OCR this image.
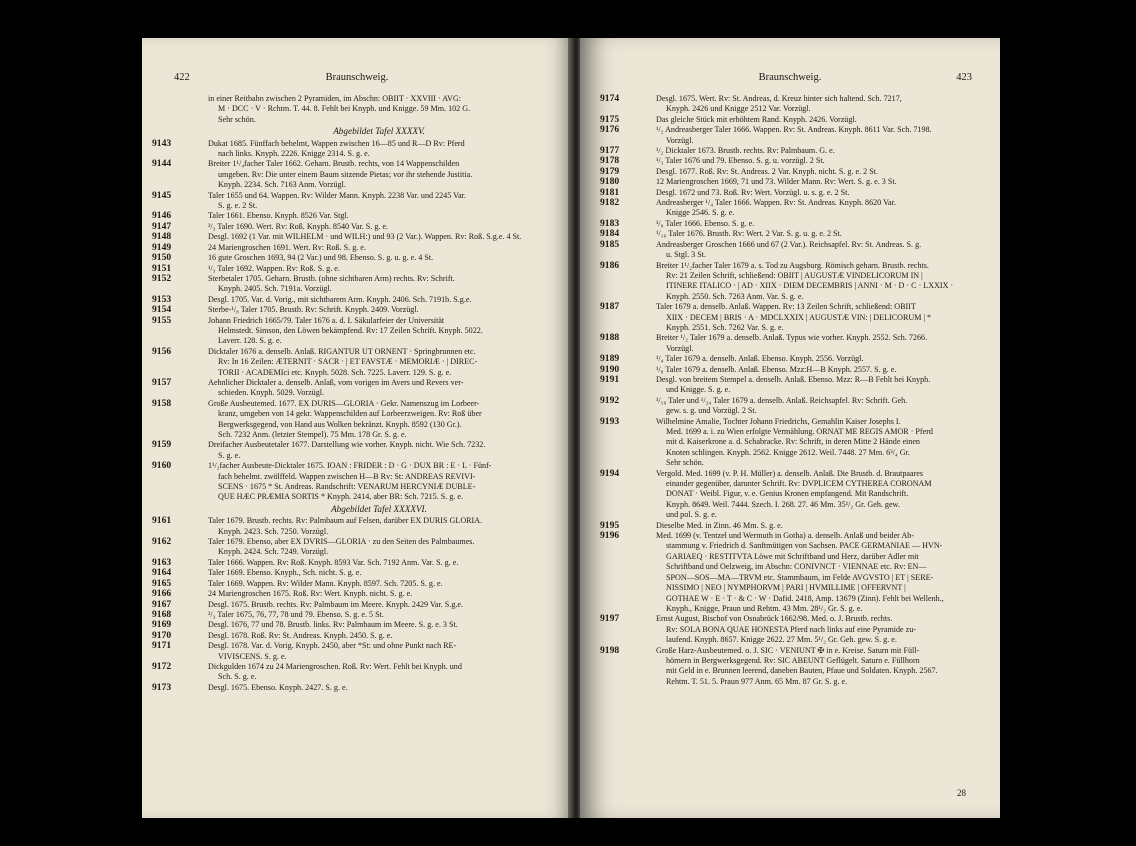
422	Braunschweig.
in einer Reitbahn zwischen 2 Pyramiden, im Abschn: OBIIT · XXVIII · AVG:
M · DCC · V · Rchtm. T. 44. 8. Fehlt bei Knyph. und Knigge. 59 Mm. 102 G.
Sehr schön.
Abgebildet Tafel XXXXV.
9143	Dukat 1685. Fünffach behelmt, Wappen zwischen 16—85 und R—D Rv: Pferd
nach links. Knyph. 2226. Knigge 2314. S. g. e.
9144	Breiter 1¹/₄facher Taler 1662. Geharn. Brustb. rechts, von 14 Wappenschilden
umgeben. Rv: Die unter einem Baum sitzende Pietas; vor ihr stehende Justitia.
Knyph. 2234. Sch. 7163 Anm. Vorzügl.
9145	Taler 1655 und 64. Wappen. Rv: Wilder Mann. Knyph. 2238 Var. und 2245 Var.
S. g. e. 2 St.
9146	Taler 1661. Ebenso. Knyph. 8526 Var. Stgl.
9147	²/₃ Taler 1690. Wert. Rv: Roß. Knyph. 8540 Var. S. g. e.
9148	Desgl. 1692 (1 Var. mit WILHELM · und WILH:) und 93 (2 Var.). Wappen. Rv: Roß. S.g.e. 4 St.
9149	24 Mariengroschen 1691. Wert. Rv: Roß. S. g. e.
9150	16 gute Groschen 1693, 94 (2 Var.) und 98. Ebenso. S. g. u. g. e. 4 St.
9151	¹/₃ Taler 1692. Wappen. Rv: Roß. S. g. e.
9152	Sterbetaler 1705. Geharn. Brustb. (ohne sichtbaren Arm) rechts. Rv: Schrift.
Knyph. 2405. Sch. 7191a. Vorzügl.
9153	Desgl. 1705. Var. d. Vorig., mit sichtbarem Arm. Knyph. 2406. Sch. 7191b. S.g.e.
9154	Sterbe-¹/₈ Taler 1705. Brustb. Rv: Schrift. Knyph. 2409. Vorzügl.
9155	Johann Friedrich 1665/79. Taler 1676 a. d. I. Säkularfeier der Universität
Helmstedt. Simson, den Löwen bekämpfend. Rv: 17 Zeilen Schrift. Knyph. 5022.
Laverr. 128. S. g. e.
9156	Dicktaler 1676 a. denselb. Anlaß. RIGANTUR UT ORNENT · Springbrunnen etc.
Rv: In 16 Zeilen: ÆTERNIT · SACR · | ET FAVSTÆ · MEMORIÆ · | DIREC-
TORII · ACADEMIci etc. Knyph. 5028. Sch. 7225. Laverr. 129. S. g. e.
9157	Aehnlicher Dicktaler a. denselb. Anlaß, vom vorigen im Avers und Revers ver-
schieden. Knyph. 5029. Vorzügl.
9158	Große Ausbeutemed. 1677. EX DURIS—GLORIA · Gekr. Namenszug im Lorbeer-
kranz, umgeben von 14 gekr. Wappenschilden auf Lorbeerzweigen. Rv: Roß über
Bergwerksgegend, von Hand aus Wolken bekränzt. Knyph. 8592 (130 Gr.).
Sch. 7232 Anm. (letzter Stempel). 75 Mm. 178 Gr. S. g. e.
9159	Dreifacher Ausbeutetaler 1677. Darstellung wie vorher. Knyph. nicht. Wie Sch. 7232.
S. g. e.
9160	1¹/₂facher Ausbeute-Dicktaler 1675. IOAN : FRIDER : D · G · DUX BR : E · L · Fünf-
fach behelmt. zwölffeld. Wappen zwischen H—B Rv: St: ANDREAS REVIVI-
SCENS · 1675 * St. Andreas. Randschrift: VENARUM HERCYNIÆ DUBLE-
QUE HÆC PRÆMIA SORTIS * Knyph. 2414, aber BR: Sch. 7215. S. g. e.
Abgebildet Tafel XXXXVI.
9161	Taler 1679. Brustb. rechts. Rv: Palmbaum auf Felsen, darüber EX DURIS GLORIA.
Knyph. 2423. Sch. 7250. Vorzügl.
9162	Taler 1679. Ebenso, aber EX DVRIS—GLORIA · zu den Seiten des Palmbaumes.
Knyph. 2424. Sch. 7249. Vorzügl.
9163	Taler 1666. Wappen. Rv: Roß. Knyph. 8593 Var. Sch. 7192 Anm. Var. S. g. e.
9164	Taler 1669. Ebenso. Knyph., Sch. nicht. S. g. e.
9165	Taler 1669. Wappen. Rv: Wilder Mann. Knyph. 8597. Sch. 7205. S. g. e.
9166	24 Mariengroschen 1675. Roß. Rv: Wert. Knyph. nicht. S. g. e.
9167	Desgl. 1675. Brustb. rechts. Rv: Palmbaum im Meere. Knyph. 2429 Var. S.g.e.
9168	²/₃ Taler 1675, 76, 77, 78 und 79. Ebenso. S. g. e. 5 St.
9169	Desgl. 1676, 77 und 78. Brustb. links. Rv: Palmbaum im Meere. S. g. e. 3 St.
9170	Desgl. 1678. Roß. Rv: St. Andreas. Knyph. 2450. S. g. e.
9171	Desgl. 1678. Var. d. Vorig. Knyph. 2450, aber *St: und ohne Punkt nach RE-
VIVISCENS. S. g. e.
9172	Dickgulden 1674 zu 24 Mariengroschen. Roß. Rv: Wert. Fehlt bei Knyph. und
Sch. S. g. e.
9173	Desgl. 1675. Ebenso. Knyph. 2427. S. g. e.
Braunschweig.	423
9174	Desgl. 1675. Wert. Rv: St. Andreas, d. Kreuz hinter sich haltend. Sch. 7217,
Knyph. 2426 und Knigge 2512 Var. Vorzügl.
9175	Das gleiche Stück mit erhöhtem Rand. Knyph. 2426. Vorzügl.
9176	¹/₂ Andreasberger Taler 1666. Wappen. Rv: St. Andreas. Knyph. 8611 Var. Sch. 7198.
Vorzügl.
9177	¹/₂ Dicktaler 1673. Brustb. rechts. Rv: Palmbaum. G. e.
9178	¹/₃ Taler 1676 und 79. Ebenso. S. g. u. vorzügl. 2 St.
9179	Desgl. 1677. Roß. Rv: St. Andreas. 2 Var. Knyph. nicht. S. g. e. 2 St.
9180	12 Mariengroschen 1669, 71 und 73. Wilder Mann. Rv: Wert. S. g. e. 3 St.
9181	Desgl. 1672 und 73. Roß. Rv: Wert. Vorzügl. u. s. g. e. 2 St.
9182	Andreasberger ¹/₄ Taler 1666. Wappen. Rv: St. Andreas. Knyph. 8620 Var.
Knigge 2546. S. g. e.
9183	¹/₈ Taler 1666. Ebenso. S. g. e.
9184	¹/₁₆ Taler 1676. Brustb. Rv: Wert. 2 Var. S. g. u. g. e. 2 St.
9185	Andreasberger Groschen 1666 und 67 (2 Var.). Reichsapfel. Rv: St. Andreas. S. g.
u. Stgl. 3 St.
9186	Breiter 1¹/₂facher Taler 1679 a. s. Tod zu Augsburg. Römisch geharn. Brustb. rechts.
Rv: 21 Zeilen Schrift, schließend: OBIIT | AUGUSTÆ VINDELICORUM IN |
ITINERE ITALICO · | AD · XIIX · DIEM DECEMBRIS | ANNI · M · D · C · LXXIX ·
Knyph. 2550. Sch. 7263 Anm. Var. S. g. e.
9187	Taler 1679 a. denselb. Anlaß. Wappen. Rv: 13 Zeilen Schrift, schließend: OBIIT
XIIX · DECEM | BRIS · A · MDCLXXIX | AUGUSTÆ VIN: | DELICORUM | *
Knyph. 2551. Sch. 7262 Var. S. g. e.
9188	Breiter ¹/₂ Taler 1679 a. denselb. Anlaß. Typus wie vorher. Knyph. 2552. Sch. 7266.
Vorzügl.
9189	¹/₄ Taler 1679 a. denselb. Anlaß. Ebenso. Knyph. 2556. Vorzügl.
9190	¹/₈ Taler 1679 a. denselb. Anlaß. Ebenso. Mzz:H—B Knyph. 2557. S. g. e.
9191	Desgl. von breitem Stempel a. denselb. Anlaß. Ebenso. Mzz: R—B Fehlt bei Knyph.
und Knigge. S. g. e.
9192	¹/₁₆ Taler und ¹/₂₄ Taler 1679 a. denselb. Anlaß. Reichsapfel. Rv: Schrift. Geh.
gew. s. g. und Vorzügl. 2 St.
9193	Wilhelmine Amalie, Tochter Johann Friedrichs, Gemahlin Kaiser Josephs I.
Med. 1699 a. i. zu Wien erfolgte Vermählung. ORNAT ME REGIS AMOR · Pferd
mit d. Kaiserkrone a. d. Schabracke. Rv: Schrift, in deren Mitte 2 Hände einen
Knoten schlingen. Knyph. 2562. Knigge 2612. Weil. 7448. 27 Mm. 6³/₄ Gr.
Sehr schön.
9194	Vergold. Med. 1699 (v. P. H. Müller) a. denselb. Anlaß. Die Brustb. d. Brautpaares
einander gegenüber, darunter Schrift. Rv: DVPLICEM CYTHEREA CORONAM
DONAT · Weibl. Figur, v. e. Genius Kronen empfangend. Mit Randschrift.
Knyph. 8649. Weil. 7444. Szech. I. 268. 27. 46 Mm. 35¹/₂ Gr. Geh. gew.
und pol. S. g. e.
9195	Dieselbe Med. in Zinn. 46 Mm. S. g. e.
9196	Med. 1699 (v. Tentzel und Wermuth in Gotha) a. denselb. Anlaß und beider Ab-
stammung v. Friedrich d. Sanftmütigen von Sachsen. PACE GERMANIAE — HVN-
GARIAEQ · RESTITVTA Löwe mit Schriftband und Herz, darüber Adler mit
Schriftband und Oelzweig, im Abschn: CONIVNCT · VIENNAE etc. Rv: EN—
SPON—SOS—MA—TRVM etc. Stammbaum, im Felde AVGVSTO | ET | SERE-
NISSIMO | NEO | NYMPHORVM | PARI | HVMILLIME | OFFERVNT |
GOTHAE W · E · T · & C · W · Dafid. 2418, Amp. 13679 (Zinn). Fehlt bei Wellenh.,
Knyph., Knigge, Praun und Rehtm. 43 Mm. 28¹/₂ Gr. S. g. e.
9197	Ernst August, Bischof von Osnabrück 1662/98. Med. o. J. Brustb. rechts.
Rv: SOLA BONA QUAE HONESTA Pferd nach links auf eine Pyramide zu-
laufend. Knyph. 8657. Knigge 2622. 27 Mm. 5¹/₂ Gr. Geh. gew. S. g. e.
9198	Große Harz-Ausbeutemed. o. J. SIC · VENIUNT ✠ in e. Kreise. Saturn mit Füll-
hörnern in Bergwerksgegend. Rv: SIC ABEUNT Geflügelt. Saturn e. Füllhorn
mit Geld in e. Brunnen leerend, daneben Bauten, Pfaue und Soldaten. Knyph. 2567.
Rehtm. T. 51. 5. Praun 977 Anm. 65 Mm. 87 Gr. S. g. e.
28
